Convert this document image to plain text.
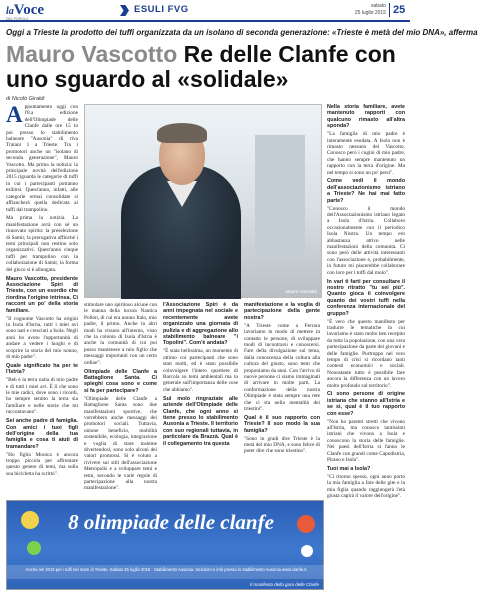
laVoce
DEL POPOLO
ESULI FVG	sabato
25 luglio 2015 25
Oggi a Trieste la prodotto dei tuffi organizzata da un isolano di seconda generazione: «Trieste è metà del mio DNA», afferma
Mauro Vascotto Re delle Clanfe con uno sguardo al «solidale»
di Nicolò Giraldi
A ppuntamento oggi con l'8.a edizione dell'Olimpiade delle Clanfe dalle ore 15 in poi presso lo stabilimento balneare "Ausonia" di riva Traiani 1 a Trieste. Tra i promotori anche un "isolano di seconda generazione", Mauro Vascotto. Ma prima la notizia: la principale novità dell'edizione 2015 riguarda le categorie di tuffi in cui i partecipanti potranno esibirsi. Quest'anno, infatti, alle categorie ormai consolidate si affiancherà quella dedicata ai tuffi dal trampolino.

Ma prima la notizia. La manifestazione avrà con sé un rinnovato spirito: la preselezione di Samir, la prerogativa affinché i temi principali non restino solo organizzativi. Quest'anno cinque tuffi per trampolino con la collaborazione di Samir, la forma del gioco si è allungata.

Mauro Vascotto, presidente Associazione Spiri di Trieste, con un esordio che riordina l'origine intrinsa. Ci raccont un po' della storia familiare.

"Il cognome Vascotto ha origini in Isola d'Istria, tutti i miei avi sono nati e cresciuti a Isola. Negli anni ho avuto l'opportunità di andare a vedere i luoghi e di scoprire la storia del mio nonno, di mio padre".

Quale significato ha per te l'Istria?

"Beh è la terra natia di mio padre e di tutti i miei avi. È lì che sono le mie radici, dove sono i ricordi, ho sempre sentito la terra sia familiare e nelle storie che mi raccontavano".

Sei anche padre di famiglia. Con amici i tuoi figli dell'origine della tua famiglia e cosa ti aiuti di tramandare?

"Ho figlia Monica è ancora troppo piccola per affrontare questo genere di temi, ma sulla sua bicicletta ha scritto".

Mauro Vascotto

stimolare uno spiritoso alcune con le manna della lucura Nautica Pollon, di cui era nonno Italo, mio padre, il primo. Anche in altri modi ha vissuto all'interno, visto che la colonia di Isola d'Istria è anche la comunità di cui poi posso mantenere a mio figlio che messaggi importanti con un certo ordine".

Olimpiade delle Clanfe a Battaglione Santa. Ci spieghi cosa sono e come si fa per partecipare?

"Olimpiade delle Clanfe a Battaglione Santa sono due manifestazioni sportive, che vorrebbero anche messaggi dei promotori sociali. Tuttavia, unione beneficio, mobilità sostenibile, ecologia, integrazione e voglia di stare insieme divertendosi, sono solo alcuni dei valori promossi. Si è voluto a rivivere sui stili dell'associazione Metropolis e a sviluppare temi e temi, secondo le varie regole di partecipazione alla nostra manifestazione".

l'Associazione Spiri è da anni impegnata nel sociale e recentemente avete organizzato una giornata di pulizia e di aggregazione allo stabilimento balneare "i Topolini". Com'è andata?

"È stata bellissima, un momento di ottimo coi partecipanti che sono stati molti, ed è stato possibile coinvolgere l'intero quartiere di Barcola su temi ambientali ma in generale sull'importanza delle cose che abbiamo".

Sul molo ringraziate alle aziende dell'Olimpiade delle Clanfe, che ogni anno si tiene presso lo stabilimento Ausonia a Trieste. Il territorio con suo regionali tuttavia, in particolare da Brazzà. Qual è il collegamento tra questa

manifestazione e la voglia di partecipazione della gente nostra?

"A Trieste come a Ferrara lavoriamo in modo di mettere in contatto le persone, di sviluppare modi di incontrarsi e conoscersi. Fare della divulgazione sul tema, dalla conoscenza della cultura alla cultura del giusto, sono temi che proponiamo da anni. Con l'arrivo di nuove persone ci siamo immaginati di arrivare in molte parti. La conformazione della nostra Olimpiade è stata sempre una rete che ci sta nella mentalità dei triestini".

Qual è il suo rapporto con Trieste? Il suo modo la sua famiglia?

"Sono in gradi dire Trieste è la metà del mio DNA, e sono felice di poter dire che sono triestino".

Nella storia familiare, avete mantenuto rapporti con qualcuno rimasto all'altra sponda?

"La famiglia di mio padre è interamente esodata. A Isola non è rimasto nessuno dei Vascotto. Conosco però i cugini di mio padre, che hanno sempre mantenuto un rapporto con la terra d'origine. Ma nel tempo si sono un po' persi".

Come vedi il mondo dell'associazionismo istriano a Trieste? Ne hai mai fatto parte?

"Conosco il mondo dell'Associazionismo istriano legato a Isola d'Istria. Collaboro occasionalmente con il periodico Isola Nostra. Un tempo ero abbastanza attivo nelle manifestazioni della comunità. Ci sono però delle attività interessanti con l'associazione e, probabilmente, in futuro mi piacerebbe collaborare con loro per i tuffi dal molo".

In vari ti farti per consultare il nostro ritratto "tu sei più". Quanto gioca il coinvolgere quanto dei vostri tuffi nella conferenza internazionale del gruppo?

"È vero che questo manifesto per tradurre le tematiche in cui lavoriamo è stato molto ben recepito da tutta la popolazione, con una vera partecipazione da parte dei giovani e delle famiglie. Purtroppo nel vero tempo di crisi si ricordano tanti contesti economici e sociali. Nonostante tutto è possibile fare ancora la differenza con un lavoro molto profondo sul territorio".

Ci sono persone di origine istriana che stanno all'Istria e se sì, qual è il tuo rapporto con esse?

"Non ho parenti stretti che vivono all'Istria, ma conosco tantissimi istriani che vivono a Isola e conoscono la storia delle famiglie. Nei paesi dell'Istria si fanno le Clanfe con grandi come Capodistria, Pirano e Isola".

Tuoi mai a Isola?

"Ci ritorno spesso, ogni anno porto la mia famiglia a fare delle gite e la mia figlia quando raggiungerà l'età giusta capirà il valore dell'origine".

8 olimpiade delle clanfe
Anche nel 2015 per i tuffi nel mare di Trieste. Sabato 25 luglio 2015 · Stabilimento Ausonia. Iscrizioni e info presso lo stabilimento Ausonia www.clanfe.it
Il manifesto della gara delle Clanfe
